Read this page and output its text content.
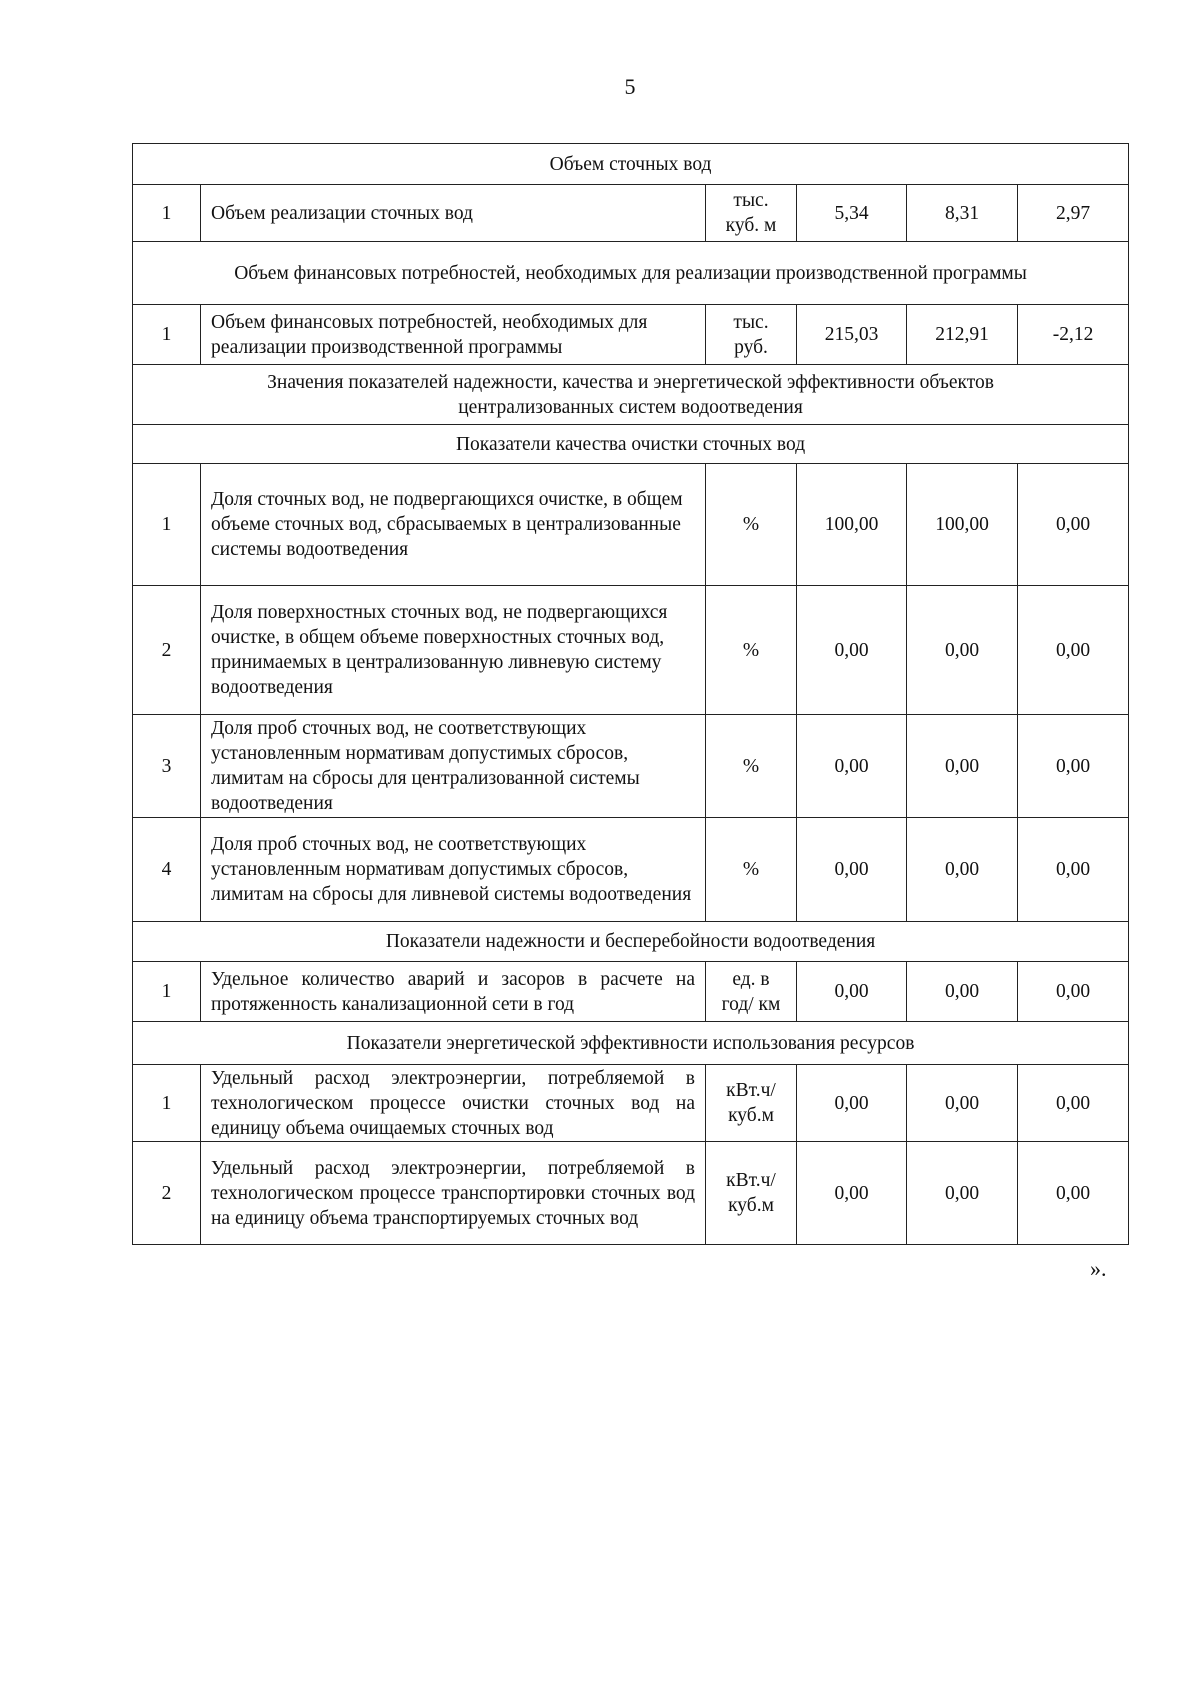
5
Объем сточных вод					
1	Объем реализации сточных вод	тыс. куб. м	5,34	8,31	2,97
Объем финансовых потребностей, необходимых для реализации производственной программы					
1	Объем финансовых потребностей, необходимых для реализации производственной программы	тыс. руб.	215,03	212,91	-2,12
Значения показателей надежности, качества и энергетической эффективности объектов централизованных систем водоотведения					
Показатели качества очистки сточных вод					
1	Доля сточных вод, не подвергающихся очистке, в общем объеме сточных вод, сбрасываемых в централизованные системы водоотведения	%	100,00	100,00	0,00
2	Доля поверхностных сточных вод, не подвергающихся очистке, в общем объеме поверхностных сточных вод, принимаемых в централизованную ливневую систему водоотведения	%	0,00	0,00	0,00
3	Доля проб сточных вод, не соответствующих установленным нормативам допустимых сбросов, лимитам на сбросы для централизованной системы водоотведения	%	0,00	0,00	0,00
4	Доля проб сточных вод, не соответствующих установленным нормативам допустимых сбросов, лимитам на сбросы для ливневой системы водоотведения	%	0,00	0,00	0,00
Показатели надежности и бесперебойности водоотведения					
1	Удельное количество аварий и засоров в расчете на протяженность канализационной сети в год	ед. в год/ км	0,00	0,00	0,00
Показатели энергетической эффективности использования ресурсов					
1	Удельный расход электроэнергии, потребляемой в технологическом процессе очистки сточных вод на единицу объема очищаемых сточных вод	кВт.ч/ куб.м	0,00	0,00	0,00
2	Удельный расход электроэнергии, потребляемой в технологическом процессе транспортировки сточных вод на единицу объема транспортируемых сточных вод	кВт.ч/ куб.м	0,00	0,00	0,00
».
